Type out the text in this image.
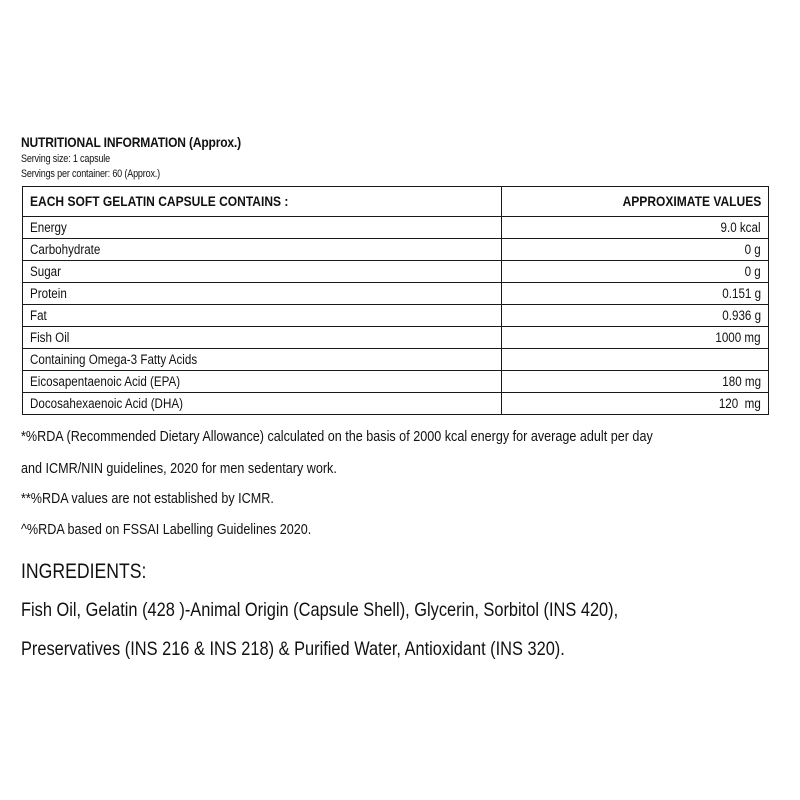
NUTRITIONAL INFORMATION (Approx.)
Serving size: 1 capsule
Servings per container: 60 (Approx.)
EACH SOFT GELATIN CAPSULE CONTAINS :	APPROXIMATE VALUES
Energy	9.0 kcal
Carbohydrate	0 g
Sugar	0 g
Protein	0.151 g
Fat	0.936 g
Fish Oil	1000 mg
Containing Omega-3 Fatty Acids	
Eicosapentaenoic Acid (EPA)	180 mg
Docosahexaenoic Acid (DHA)	120  mg
*%RDA (Recommended Dietary Allowance) calculated on the basis of 2000 kcal energy for average adult per day
and ICMR/NIN guidelines, 2020 for men sedentary work.
**%RDA values are not established by ICMR.
^%RDA based on FSSAI Labelling Guidelines 2020.
INGREDIENTS:
Fish Oil, Gelatin (428 )-Animal Origin (Capsule Shell), Glycerin, Sorbitol (INS 420),
Preservatives (INS 216 & INS 218) & Purified Water, Antioxidant (INS 320).
